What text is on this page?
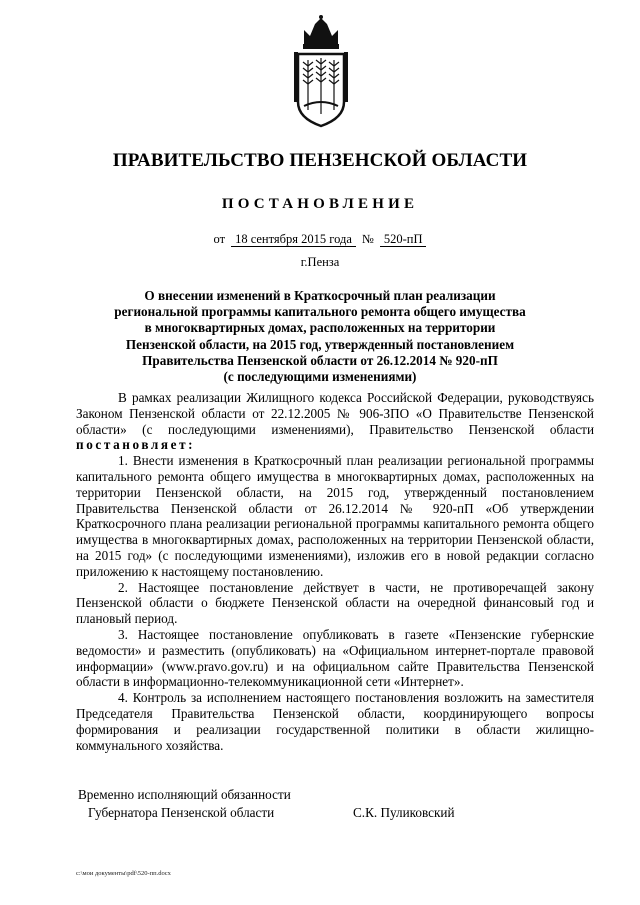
ПРАВИТЕЛЬСТВО ПЕНЗЕНСКОЙ ОБЛАСТИ
ПОСТАНОВЛЕНИЕ
от 18 сентября 2015 года № 520-пП
г.Пенза
О внесении изменений в Краткосрочный план реализации
региональной программы капитального ремонта общего имущества
в многоквартирных домах, расположенных на территории
Пензенской области, на 2015 год, утвержденный постановлением
Правительства Пензенской области от 26.12.2014 № 920-пП
(с последующими изменениями)

В рамках реализации Жилищного кодекса Российской Федерации, руководствуясь Законом Пензенской области от 22.12.2005 № 906-ЗПО «О Правительстве Пензенской области» (с последующими изменениями), Правительство Пензенской области постановляет:

1. Внести изменения в Краткосрочный план реализации региональной программы капитального ремонта общего имущества в многоквартирных домах, расположенных на территории Пензенской области, на 2015 год, утвержденный постановлением Правительства Пензенской области от 26.12.2014 № 920-пП «Об утверждении Краткосрочного плана реализации региональной программы капитального ремонта общего имущества в многоквартирных домах, расположенных на территории Пензенской области, на 2015 год» (с последующими изменениями), изложив его в новой редакции согласно приложению к настоящему постановлению.

2. Настоящее постановление действует в части, не противоречащей закону Пензенской области о бюджете Пензенской области на очередной финансовый год и плановый период.

3. Настоящее постановление опубликовать в газете «Пензенские губернские ведомости» и разместить (опубликовать) на «Официальном интернет-портале правовой информации» (www.pravo.gov.ru) и на официальном сайте Правительства Пензенской области в информационно-телекоммуникационной сети «Интернет».

4. Контроль за исполнением настоящего постановления возложить на заместителя Председателя Правительства Пензенской области, координирующего вопросы формирования и реализации государственной политики в области жилищно-коммунального хозяйства.

Временно исполняющий обязанности
Губернатора Пензенской области	С.К. Пуликовский
c:\мои документы\pdf\520-пп.docx
